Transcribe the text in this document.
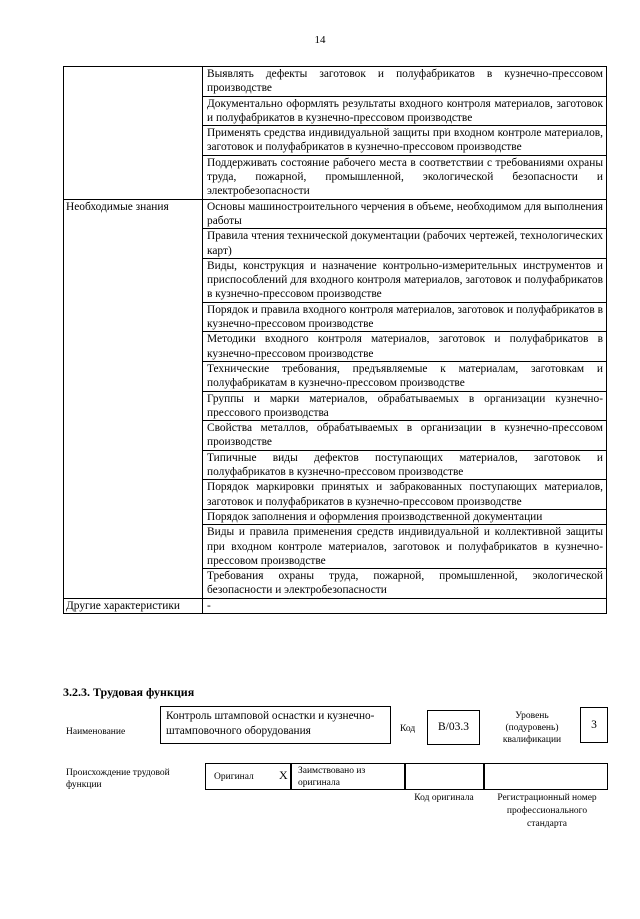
14
	Выявлять дефекты заготовок и полуфабрикатов в кузнечно-прессовом производстве
	Документально оформлять результаты входного контроля материалов, заготовок и полуфабрикатов в кузнечно-прессовом производстве
	Применять средства индивидуальной защиты при входном контроле материалов, заготовок и полуфабрикатов в кузнечно-прессовом производстве
	Поддерживать состояние рабочего места в соответствии с требованиями охраны труда, пожарной, промышленной, экологической безопасности и электробезопасности
Необходимые знания	Основы машиностроительного черчения в объеме, необходимом для выполнения работы
	Правила чтения технической документации (рабочих чертежей, технологических карт)
	Виды, конструкция и назначение контрольно-измерительных инструментов и приспособлений для входного контроля материалов, заготовок и полуфабрикатов в кузнечно-прессовом производстве
	Порядок и правила входного контроля материалов, заготовок и полуфабрикатов в кузнечно-прессовом производстве
	Методики входного контроля материалов, заготовок и полуфабрикатов в кузнечно-прессовом производстве
	Технические требования, предъявляемые к материалам, заготовкам и полуфабрикатам в кузнечно-прессовом производстве
	Группы и марки материалов, обрабатываемых в организации кузнечно-прессового производства
	Свойства металлов, обрабатываемых в организации в кузнечно-прессовом производстве
	Типичные виды дефектов поступающих материалов, заготовок и полуфабрикатов в кузнечно-прессовом производстве
	Порядок маркировки принятых и забракованных поступающих материалов, заготовок и полуфабрикатов в кузнечно-прессовом производстве
	Порядок заполнения и оформления производственной документации
	Виды и правила применения средств индивидуальной и коллективной защиты при входном контроле материалов, заготовок и полуфабрикатов в кузнечно-прессовом производстве
	Требования охраны труда, пожарной, промышленной, экологической безопасности и электробезопасности
Другие характеристики	-
3.2.3. Трудовая функция
Наименование
Контроль штамповой оснастки и кузнечно-штамповочного оборудования	Код	B/03.3
Уровень (подуровень) квалификации
3
Происхождение трудовой функции
Оригинал X Заимствовано из оригинала
Код оригинала	Регистрационный номер профессионального стандарта
